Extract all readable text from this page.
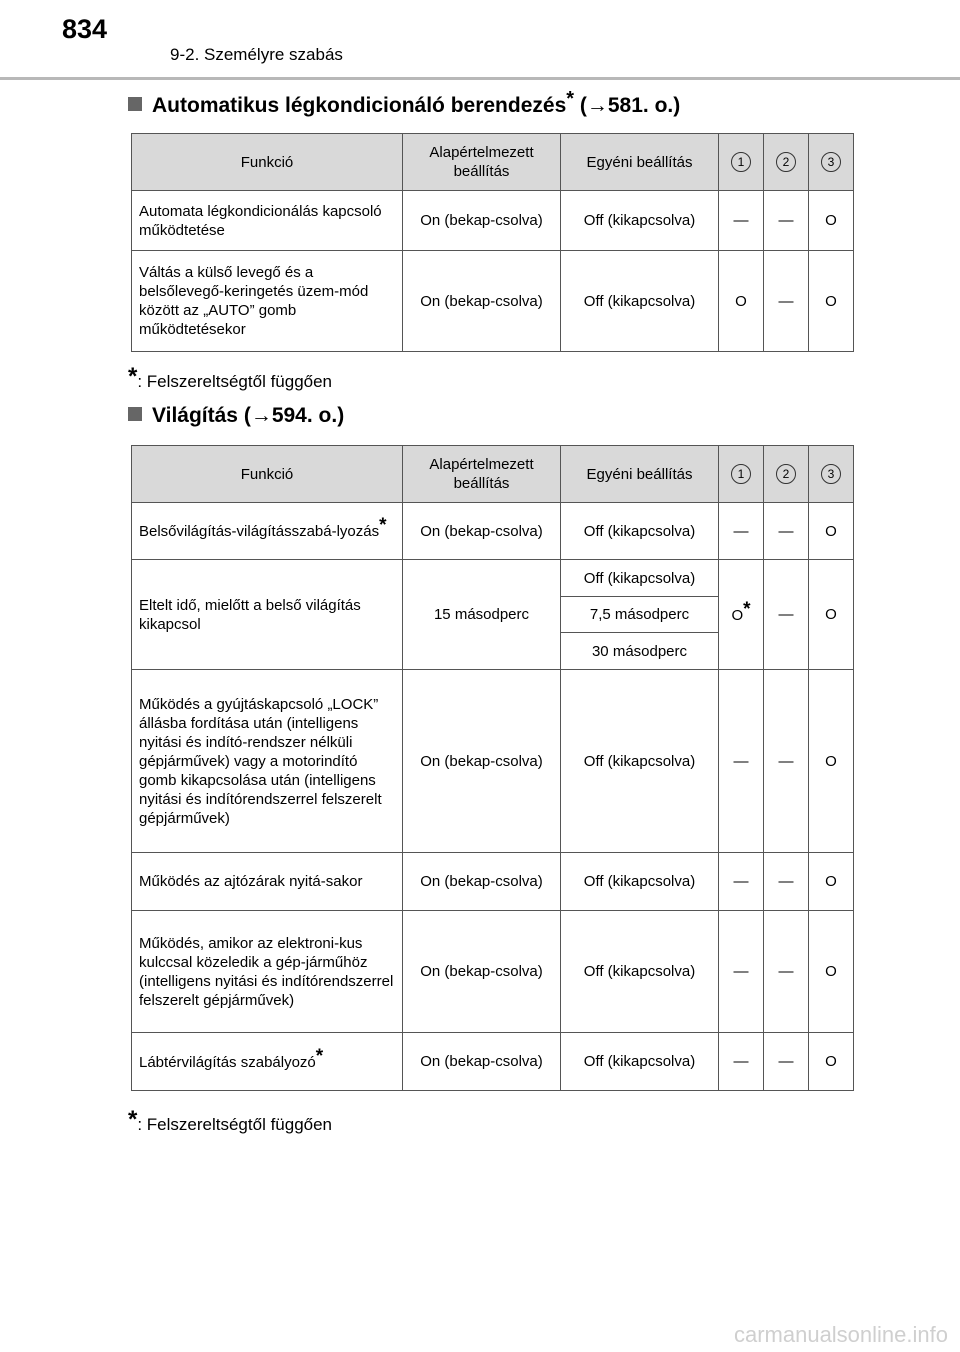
834
9-2. Személyre szabás
Automatikus légkondicionáló berendezés* (→581. o.)
Funkció	Alapértelmezett beállítás	Egyéni beállítás	1	2	3
Automata légkondicionálás kapcsoló működtetése	On (bekap-csolva)	Off (kikapcsolva)	—	—	O
Váltás a külső levegő és a belsőlevegő-keringetés üzem-mód között az „AUTO” gomb működtetésekor	On (bekap-csolva)	Off (kikapcsolva)	O	—	O
*: Felszereltségtől függően
Világítás (→594. o.)
Funkció	Alapértelmezett beállítás	Egyéni beállítás	1	2	3
Belsővilágítás-világításszabá-lyozás*	On (bekap-csolva)	Off (kikapcsolva)	—	—	O
Eltelt idő, mielőtt a belső világítás kikapcsol	15 másodperc	Off (kikapcsolva)	O*	—	O
		7,5 másodperc			
		30 másodperc			
Működés a gyújtáskapcsoló „LOCK” állásba fordítása után (intelligens nyitási és indító-rendszer nélküli gépjárművek) vagy a motorindító gomb kikapcsolása után (intelligens nyitási és indítórendszerrel felszerelt gépjárművek)	On (bekap-csolva)	Off (kikapcsolva)	—	—	O
Működés az ajtózárak nyitá-sakor	On (bekap-csolva)	Off (kikapcsolva)	—	—	O
Működés, amikor az elektroni-kus kulccsal közeledik a gép-járműhöz (intelligens nyitási és indítórendszerrel felszerelt gépjárművek)	On (bekap-csolva)	Off (kikapcsolva)	—	—	O
Lábtérvilágítás szabályozó*	On (bekap-csolva)	Off (kikapcsolva)	—	—	O
*: Felszereltségtől függően
carmanualsonline.info
